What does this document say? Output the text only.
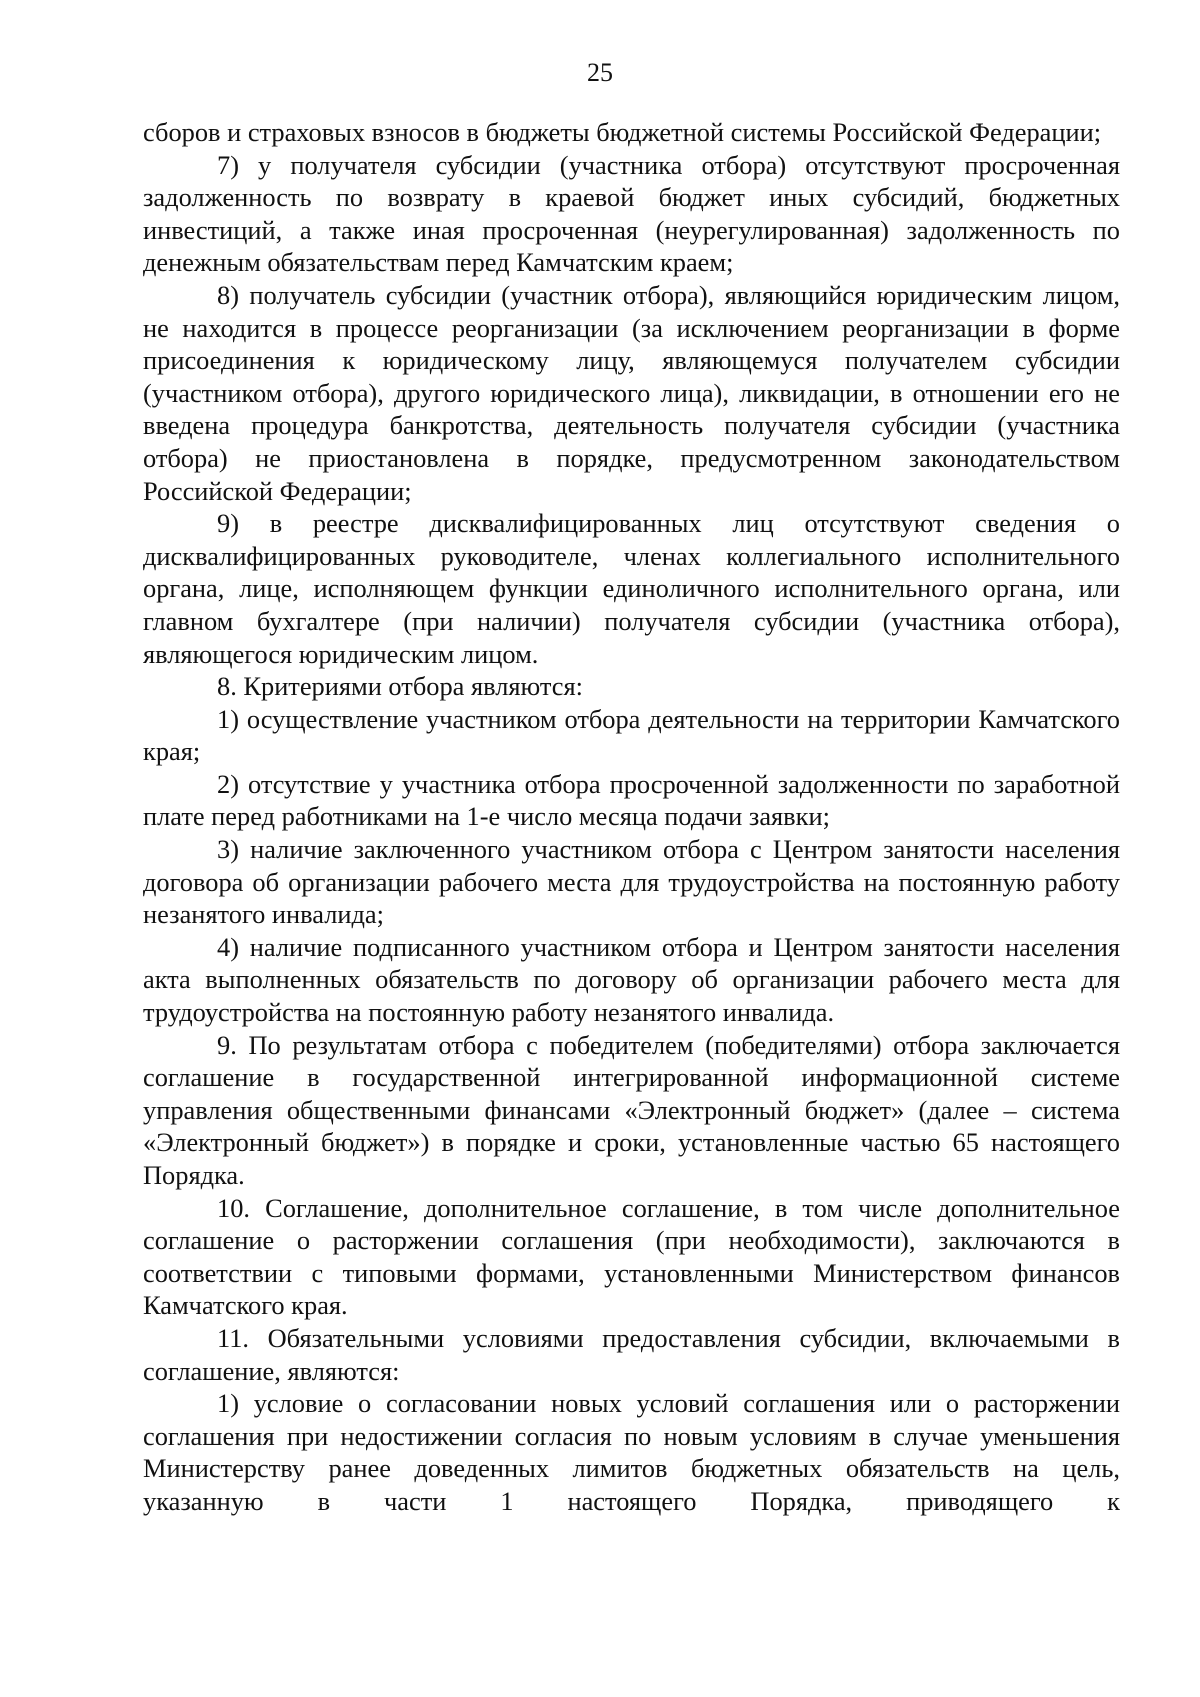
25

сборов и страховых взносов в бюджеты бюджетной системы Российской Федерации;

7) у получателя субсидии (участника отбора) отсутствуют просроченная задолженность по возврату в краевой бюджет иных субсидий, бюджетных инвестиций, а также иная просроченная (неурегулированная) задолженность по денежным обязательствам перед Камчатским краем;

8) получатель субсидии (участник отбора), являющийся юридическим лицом, не находится в процессе реорганизации (за исключением реорганизации в форме присоединения к юридическому лицу, являющемуся получателем субсидии (участником отбора), другого юридического лица), ликвидации, в отношении его не введена процедура банкротства, деятельность получателя субсидии (участника отбора) не приостановлена в порядке, предусмотренном законодательством Российской Федерации;

9) в реестре дисквалифицированных лиц отсутствуют сведения о дисквалифицированных руководителе, членах коллегиального исполнительного органа, лице, исполняющем функции единоличного исполнительного органа, или главном бухгалтере (при наличии) получателя субсидии (участника отбора), являющегося юридическим лицом.

8. Критериями отбора являются:

1) осуществление участником отбора деятельности на территории Камчатского края;

2) отсутствие у участника отбора просроченной задолженности по заработной плате перед работниками на 1-е число месяца подачи заявки;

3) наличие заключенного участником отбора с Центром занятости населения договора об организации рабочего места для трудоустройства на постоянную работу незанятого инвалида;

4) наличие подписанного участником отбора и Центром занятости населения акта выполненных обязательств по договору об организации рабочего места для трудоустройства на постоянную работу незанятого инвалида.

9. По результатам отбора с победителем (победителями) отбора заключается соглашение в государственной интегрированной информационной системе управления общественными финансами «Электронный бюджет» (далее – система «Электронный бюджет») в порядке и сроки, установленные частью 65 настоящего Порядка.

10. Соглашение, дополнительное соглашение, в том числе дополнительное соглашение о расторжении соглашения (при необходимости), заключаются в соответствии с типовыми формами, установленными Министерством финансов Камчатского края.

11. Обязательными условиями предоставления субсидии, включаемыми в соглашение, являются:

1) условие о согласовании новых условий соглашения или о расторжении соглашения при недостижении согласия по новым условиям в случае уменьшения Министерству ранее доведенных лимитов бюджетных обязательств на цель, указанную в части 1 настоящего Порядка, приводящего к
